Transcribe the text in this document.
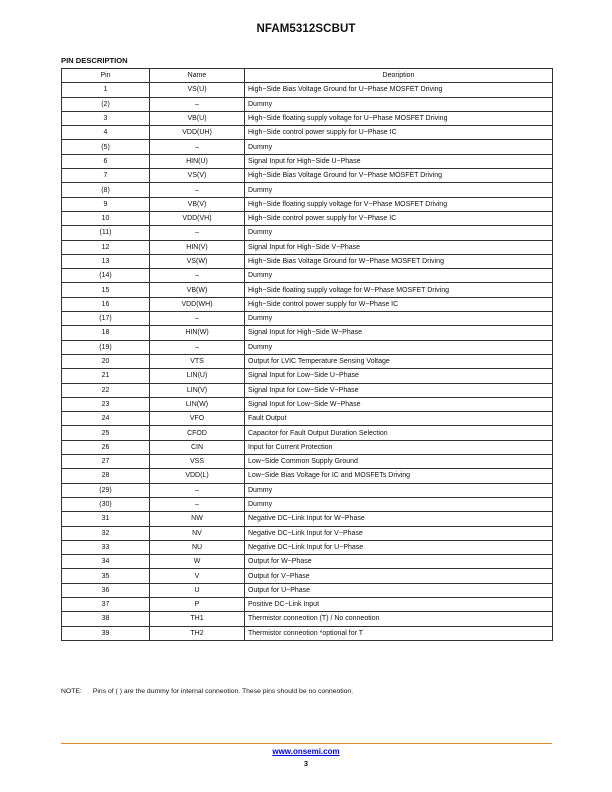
NFAM5312SCBUT
PIN DESCRIPTION
Pin	Name	Deoription
1	VS(U)	High−Side Bias Voltage Ground for U−Phase MOSFET Driving
(2)	–	Dummy
3	VB(U)	High−Side floating supply voltage for U−Phase MOSFET Driving
4	VDD(UH)	High−Side control power supply for U−Phase IC
(5)	–	Dummy
6	HIN(U)	Signal Input for High−Side U−Phase
7	VS(V)	High−Side Bias Voltage Ground for V−Phase MOSFET Driving
(8)	–	Dummy
9	VB(V)	High−Side floating supply voltage for V−Phase MOSFET Driving
10	VDD(VH)	High−Side control power supply for V−Phase IC
(11)	–	Dummy
12	HIN(V)	Signal Input for High−Side V−Phase
13	VS(W)	High−Side Bias Voltage Ground for W−Phase MOSFET Driving
(14)	–	Dummy
15	VB(W)	High−Side floating supply voltage for W−Phase MOSFET Driving
16	VDD(WH)	High−Side control power supply for W−Phase IC
(17)	–	Dummy
18	HIN(W)	Signal Input for High−Side W−Phase
(19)	–	Dummy
20	VTS	Output for LVIC Temperature Sensing Voltage
21	LIN(U)	Signal Input for Low−Side U−Phase
22	LIN(V)	Signal Input for Low−Side V−Phase
23	LIN(W)	Signal Input for Low−Side W−Phase
24	VFO	Fault Output
25	CFOD	Capacitor for Fault Output Duration Selection
26	CIN	Input for Current Protection
27	VSS	Low−Side Common Supply Ground
28	VDD(L)	Low−Side Bias Voltage for IC and MOSFETs Driving
(29)	–	Dummy
(30)	–	Dummy
31	NW	Negative DC−Link Input for W−Phase
32	NV	Negative DC−Link Input for V−Phase
33	NU	Negative DC−Link Input for U−Phase
34	W	Output for W−Phase
35	V	Output for V−Phase
36	U	Output for U−Phase
37	P	Positive DC−Link Input
38	TH1	Thermistor conneotion (T) / No conneotion
39	TH2	Thermistor conneotion *optional for T
NOTE: Pins of ( ) are the dummy for internal conneotion. These pins should be no conneotion.
www.onsemi.com
3
